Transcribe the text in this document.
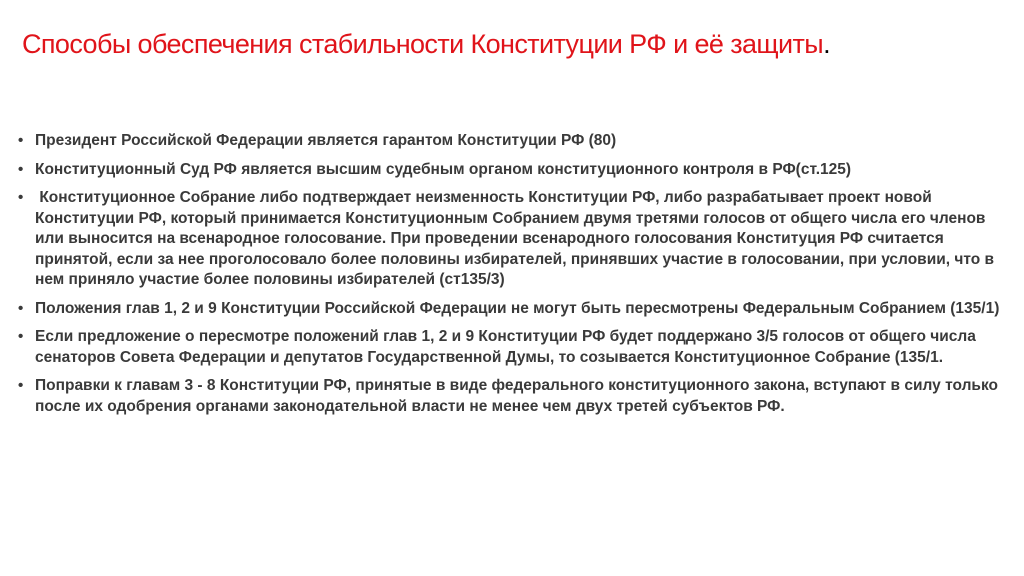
Способы обеспечения стабильности Конституции РФ и её защиты.
• Президент Российской Федерации является гарантом Конституции РФ (80)
• Конституционный Суд РФ является высшим судебным органом конституционного контроля в РФ(ст.125)
• Конституционное Собрание либо подтверждает неизменность Конституции РФ, либо разрабатывает проект новой Конституции РФ, который принимается Конституционным Собранием двумя третями голосов от общего числа его членов или выносится на всенародное голосование. При проведении всенародного голосования Конституция РФ считается принятой, если за нее проголосовало более половины избирателей, принявших участие в голосовании, при условии, что в нем приняло участие более половины избирателей (ст135/3)
• Положения глав 1, 2 и 9 Конституции Российской Федерации не могут быть пересмотрены Федеральным Собранием (135/1)
• Если предложение о пересмотре положений глав 1, 2 и 9 Конституции РФ будет поддержано 3/5 голосов от общего числа сенаторов Совета Федерации и депутатов Государственной Думы, то созывается Конституционное Собрание (135/1.
• Поправки к главам 3 - 8 Конституции РФ, принятые в виде федерального конституционного закона, вступают в силу только после их одобрения органами законодательной власти не менее чем двух третей субъектов РФ.
